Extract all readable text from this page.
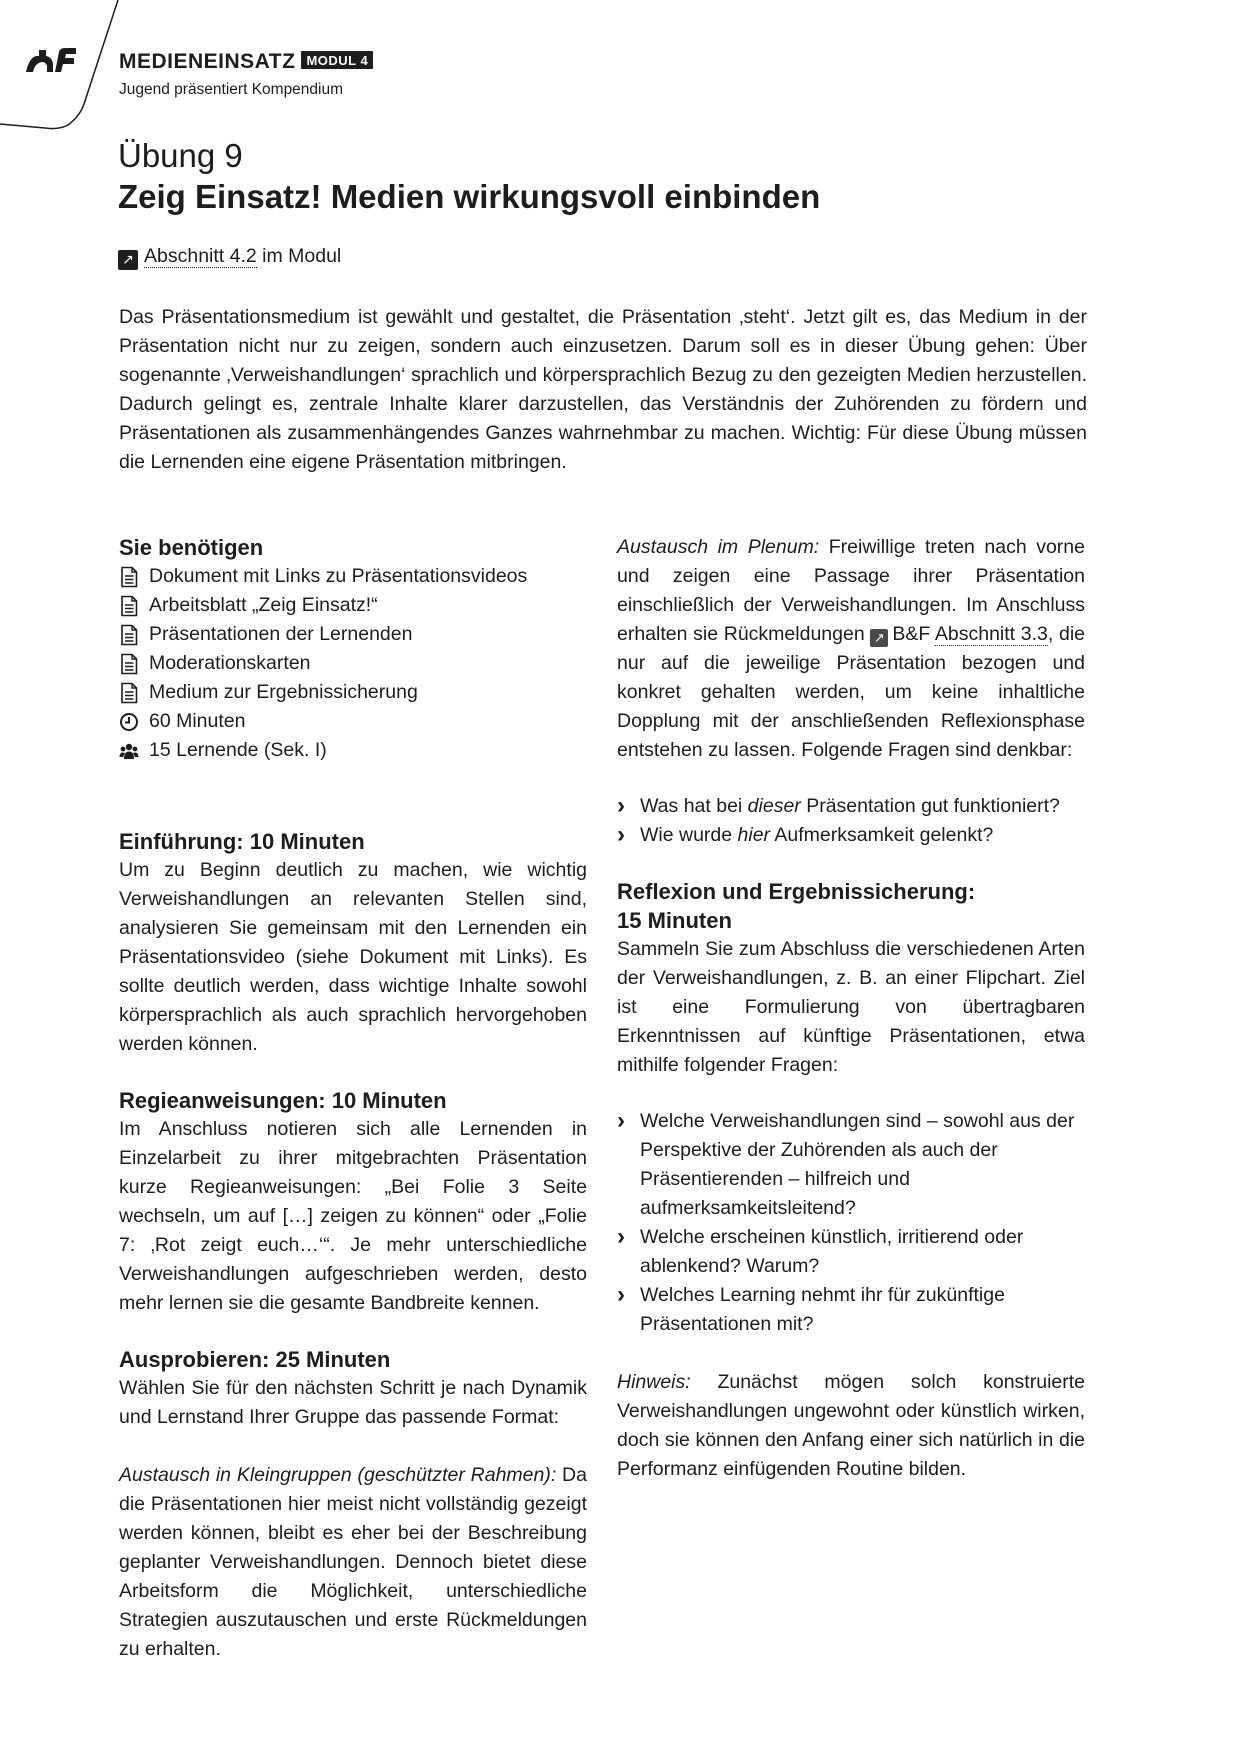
MEDIENEINSATZ MODUL 4
Jugend präsentiert Kompendium
Übung 9
Zeig Einsatz! Medien wirkungsvoll einbinden
↗ Abschnitt 4.2 im Modul

Das Präsentationsmedium ist gewählt und gestaltet, die Präsentation ‚steht‘. Jetzt gilt es, das Medium in der Präsentation nicht nur zu zeigen, sondern auch einzusetzen. Darum soll es in dieser Übung gehen: Über sogenannte ‚Verweishandlungen‘ sprachlich und körpersprachlich Bezug zu den gezeigten Medien herzustellen. Dadurch gelingt es, zentrale Inhalte klarer darzustellen, das Verständnis der Zuhörenden zu fördern und Präsentationen als zusammenhängendes Ganzes wahrnehmbar zu machen. Wichtig: Für diese Übung müssen die Lernenden eine eigene Präsentation mitbringen.

Sie benötigen
Dokument mit Links zu Präsentationsvideos
Arbeitsblatt „Zeig Einsatz!“
Präsentationen der Lernenden
Moderationskarten
Medium zur Ergebnissicherung
60 Minuten
15 Lernende (Sek. I)
Einführung: 10 Minuten

Um zu Beginn deutlich zu machen, wie wichtig Verweishandlungen an relevanten Stellen sind, analysieren Sie gemeinsam mit den Lernenden ein Präsentationsvideo (siehe Dokument mit Links). Es sollte deutlich werden, dass wichtige Inhalte sowohl körpersprachlich als auch sprachlich hervorgehoben werden können.

Regieanweisungen: 10 Minuten

Im Anschluss notieren sich alle Lernenden in Einzelarbeit zu ihrer mitgebrachten Präsentation kurze Regieanweisungen: „Bei Folie 3 Seite wechseln, um auf […] zeigen zu können“ oder „Folie 7: ‚Rot zeigt euch…‘“. Je mehr unterschiedliche Verweishandlungen aufgeschrieben werden, desto mehr lernen sie die gesamte Bandbreite kennen.

Ausprobieren: 25 Minuten

Wählen Sie für den nächsten Schritt je nach Dynamik und Lernstand Ihrer Gruppe das passende Format:

Austausch in Kleingruppen (geschützter Rahmen): Da die Präsentationen hier meist nicht vollständig gezeigt werden können, bleibt es eher bei der Beschreibung geplanter Verweishandlungen. Dennoch bietet diese Arbeitsform die Möglichkeit, unterschiedliche Strategien auszutauschen und erste Rückmeldungen zu erhalten.

Austausch im Plenum: Freiwillige treten nach vorne und zeigen eine Passage ihrer Präsentation einschließlich der Verweishandlungen. Im Anschluss erhalten sie Rückmeldungen ↗ B&F Abschnitt 3.3, die nur auf die jeweilige Präsentation bezogen und konkret gehalten werden, um keine inhaltliche Dopplung mit der anschließenden Reflexionsphase entstehen zu lassen. Folgende Fragen sind denkbar:

› Was hat bei dieser Präsentation gut funktioniert?
› Wie wurde hier Aufmerksamkeit gelenkt?
Reflexion und Ergebnissicherung:
15 Minuten

Sammeln Sie zum Abschluss die verschiedenen Arten der Verweishandlungen, z. B. an einer Flipchart. Ziel ist eine Formulierung von übertragbaren Erkenntnissen auf künftige Präsentationen, etwa mithilfe folgender Fragen:

› Welche Verweishandlungen sind – sowohl aus der Perspektive der Zuhörenden als auch der Präsentierenden – hilfreich und aufmerksamkeitsleitend?
› Welche erscheinen künstlich, irritierend oder ablenkend? Warum?
› Welches Learning nehmt ihr für zukünftige Präsentationen mit?

Hinweis: Zunächst mögen solch konstruierte Verweishandlungen ungewohnt oder künstlich wirken, doch sie können den Anfang einer sich natürlich in die Performanz einfügenden Routine bilden.
